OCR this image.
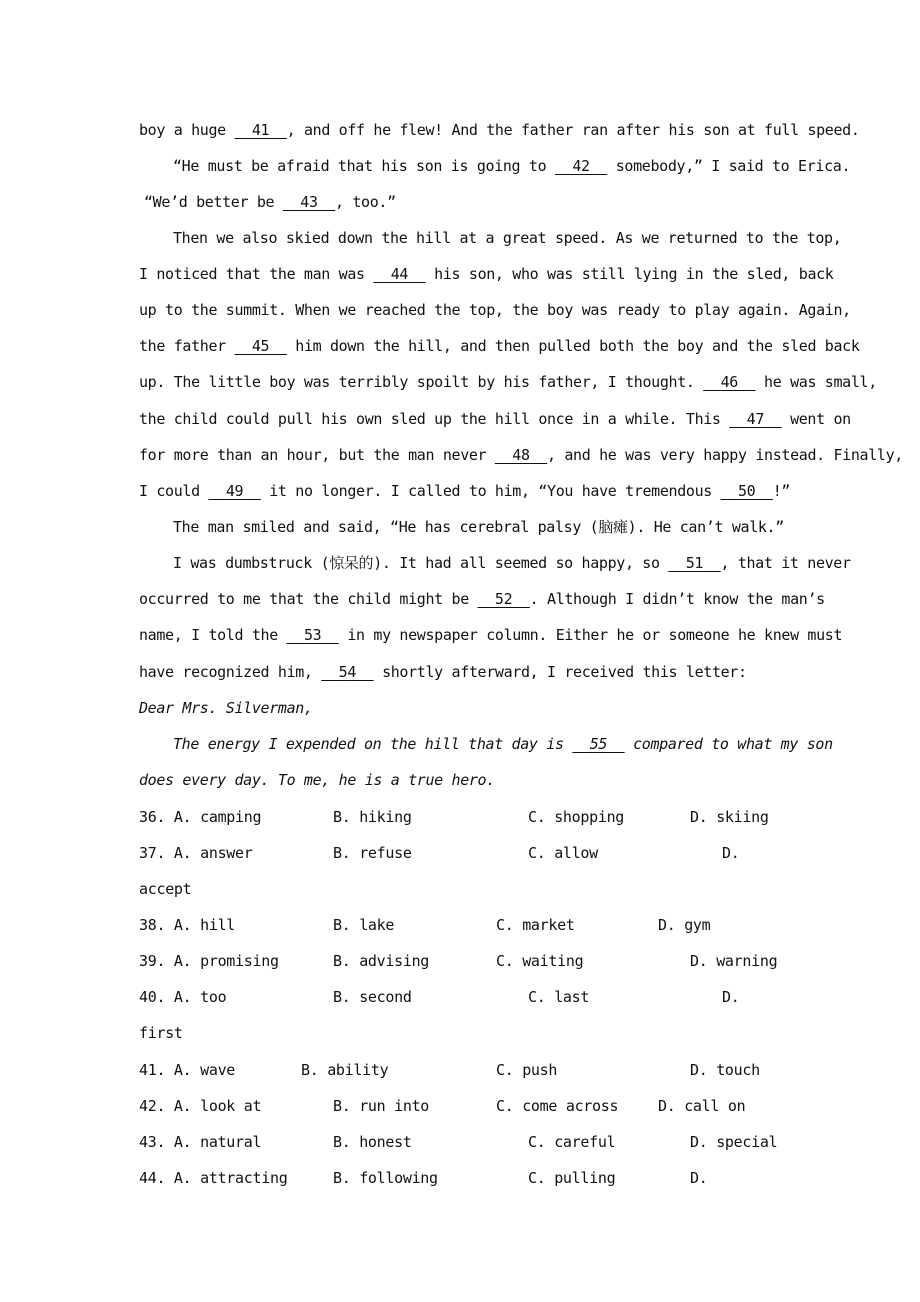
boy a huge __41__, and off he flew! And the father ran after his son at full speed.
“He must be afraid that his son is going to __42__ somebody,” I said to Erica.
“We’d better be __43__, too.”
Then we also skied down the hill at a great speed. As we returned to the top,
I noticed that the man was __44__ his son, who was still lying in the sled, back
up to the summit. When we reached the top, the boy was ready to play again. Again,
the father __45__ him down the hill, and then pulled both the boy and the sled back
up. The little boy was terribly spoilt by his father, I thought. __46__ he was small,
the child could pull his own sled up the hill once in a while. This __47__ went on
for more than an hour, but the man never __48__, and he was very happy instead. Finally,
I could __49__ it no longer. I called to him, “You have tremendous __50__!”
The man smiled and said, “He has cerebral palsy (脑瘫). He can’t walk.”
I was dumbstruck (惊呆的). It had all seemed so happy, so __51__, that it never
occurred to me that the child might be __52__. Although I didn’t know the man’s
name, I told the __53__ in my newspaper column. Either he or someone he knew must
have recognized him, __54__ shortly afterward, I received this letter:
Dear Mrs. Silverman,
The energy I expended on the hill that day is __55__ compared to what my son
does every day. To me, he is a true hero.
36. A. camping	B. hiking	C. shopping	D. skiing
37. A. answer	B. refuse	C. allow	D.
accept
38. A. hill	B. lake	C. market	D. gym
39. A. promising	B. advising	C. waiting	D. warning
40. A. too	B. second	C. last	D.
first
41. A. wave	B. ability	C. push	D. touch
42. A. look at	B. run into	C. come across	D. call on
43. A. natural	B. honest	C. careful	D. special
44. A. attracting	B. following	C. pulling	D.
